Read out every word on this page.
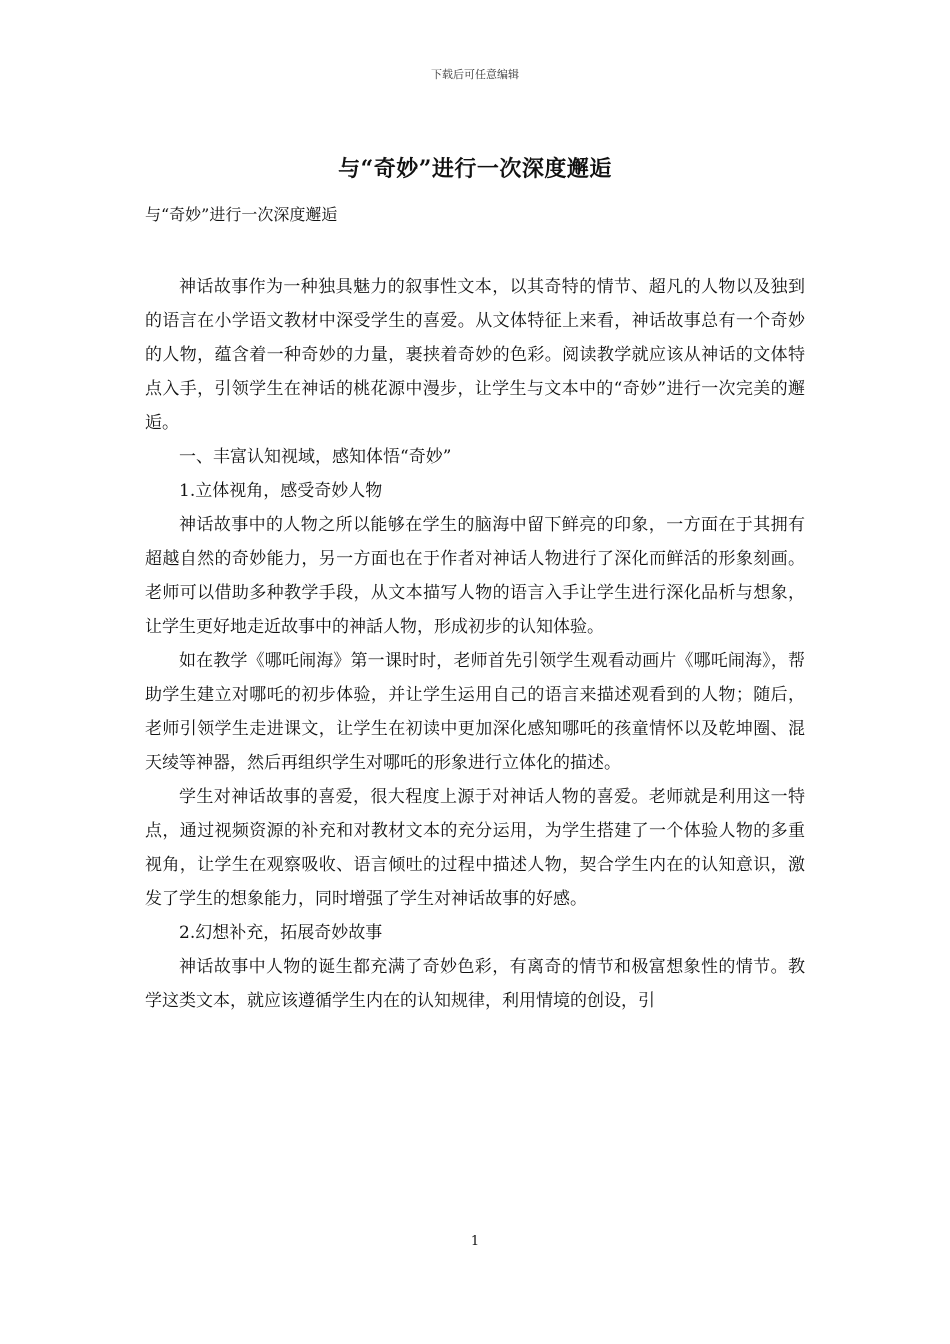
下载后可任意编辑
与“奇妙”进行一次深度邂逅
与“奇妙”进行一次深度邂逅

神话故事作为一种独具魅力的叙事性文本，以其奇特的情节、超凡的人物以及独到的语言在小学语文教材中深受学生的喜爱。从文体特征上来看，神话故事总有一个奇妙的人物，蕴含着一种奇妙的力量，裹挟着奇妙的色彩。阅读教学就应该从神话的文体特点入手，引领学生在神话的桃花源中漫步，让学生与文本中的“奇妙”进行一次完美的邂逅。

一、丰富认知视域，感知体悟“奇妙”

1.立体视角，感受奇妙人物

神话故事中的人物之所以能够在学生的脑海中留下鲜亮的印象，一方面在于其拥有超越自然的奇妙能力，另一方面也在于作者对神话人物进行了深化而鲜活的形象刻画。老师可以借助多种教学手段，从文本描写人物的语言入手让学生进行深化品析与想象，让学生更好地走近故事中的神話人物，形成初步的认知体验。

如在教学《哪吒闹海》第一课时时，老师首先引领学生观看动画片《哪吒闹海》，帮助学生建立对哪吒的初步体验，并让学生运用自己的语言来描述观看到的人物；随后，老师引领学生走进课文，让学生在初读中更加深化感知哪吒的孩童情怀以及乾坤圈、混天绫等神器，然后再组织学生对哪吒的形象进行立体化的描述。

学生对神话故事的喜爱，很大程度上源于对神话人物的喜爱。老师就是利用这一特点，通过视频资源的补充和对教材文本的充分运用，为学生搭建了一个体验人物的多重视角，让学生在观察吸收、语言倾吐的过程中描述人物，契合学生内在的认知意识，激发了学生的想象能力，同时增强了学生对神话故事的好感。

2.幻想补充，拓展奇妙故事

神话故事中人物的诞生都充满了奇妙色彩，有离奇的情节和极富想象性的情节。教学这类文本，就应该遵循学生内在的认知规律，利用情境的创设，引

1
